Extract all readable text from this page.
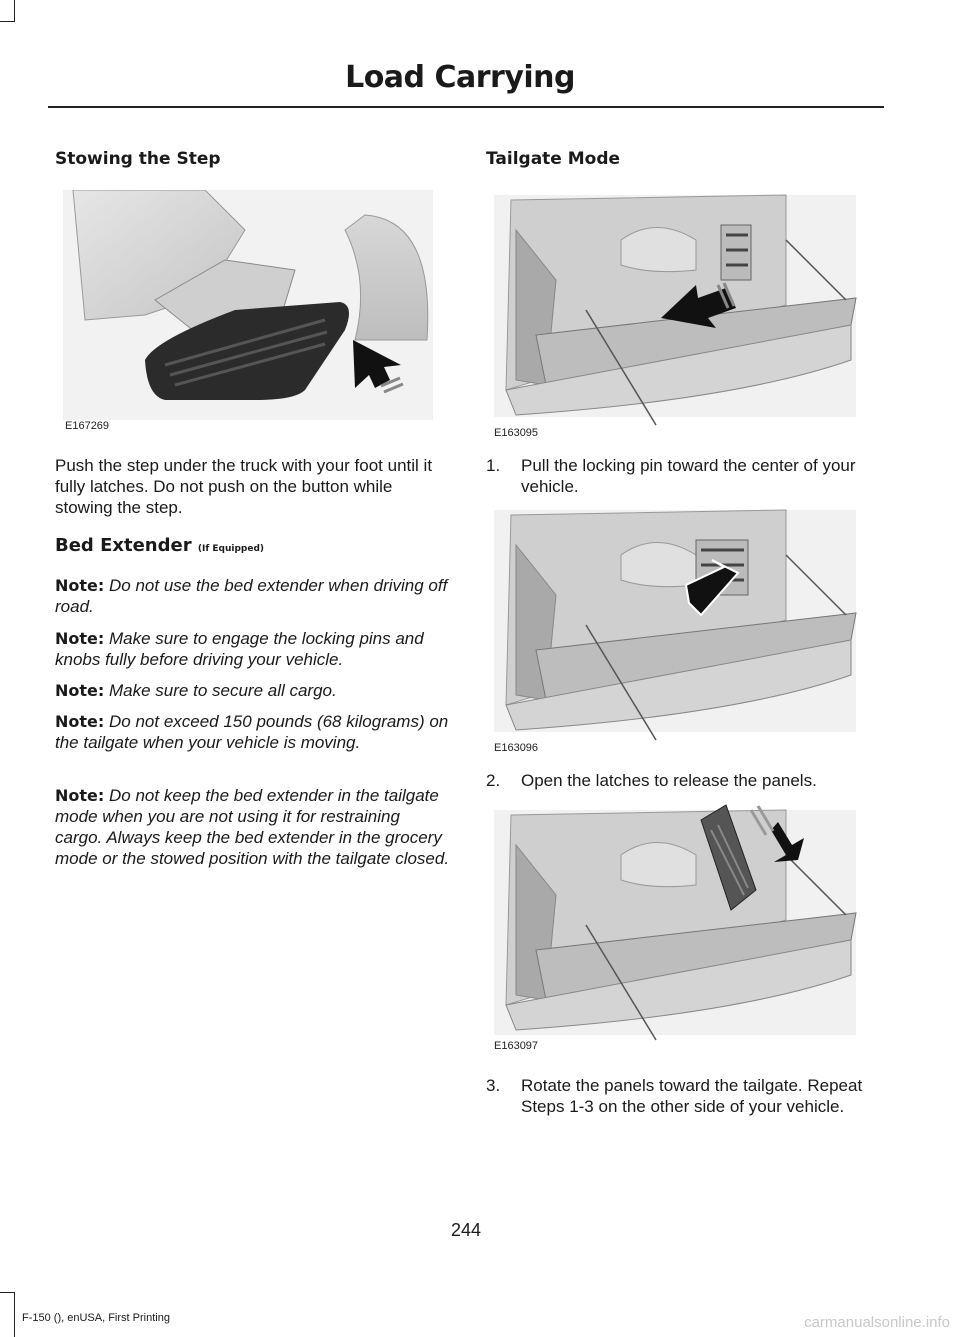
Load Carrying
Stowing the Step
E167269
Push the step under the truck with your foot until it fully latches. Do not push on the button while stowing the step.
Bed Extender (If Equipped)
Note: Do not use the bed extender when driving off road.
Note: Make sure to engage the locking pins and knobs fully before driving your vehicle.
Note: Make sure to secure all cargo.
Note: Do not exceed 150 pounds (68 kilograms) on the tailgate when your vehicle is moving.
Note: Do not keep the bed extender in the tailgate mode when you are not using it for restraining cargo. Always keep the bed extender in the grocery mode or the stowed position with the tailgate closed.
Tailgate Mode
E163095
1.	Pull the locking pin toward the center of your vehicle.
E163096
2.	Open the latches to release the panels.
E163097
3.	Rotate the panels toward the tailgate. Repeat Steps 1-3 on the other side of your vehicle.
244
F-150 (), enUSA, First Printing	carmanualsonline.info
